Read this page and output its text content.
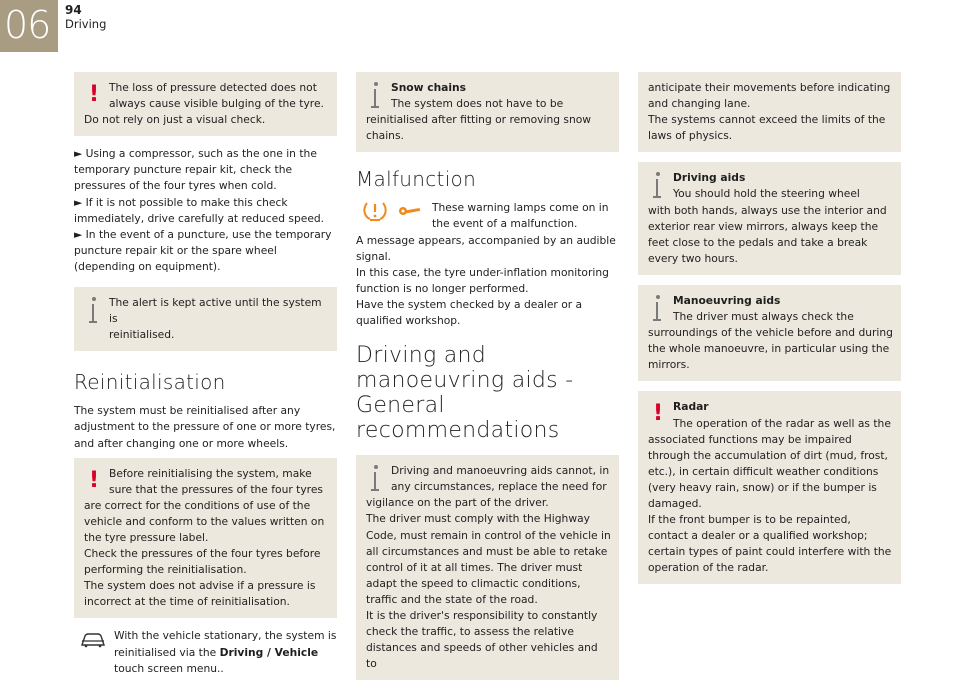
06 94
Driving
! The loss of pressure detected does not
always cause visible bulging of the tyre.
Do not rely on just a visual check.
► Using a compressor, such as the one in the temporary puncture repair kit, check the pressures of the four tyres when cold.
► If it is not possible to make this check immediately, drive carefully at reduced speed.
► In the event of a puncture, use the temporary puncture repair kit or the spare wheel (depending on equipment).
The alert is kept active until the system is
reinitialised.
Reinitialisation
The system must be reinitialised after any adjustment to the pressure of one or more tyres, and after changing one or more wheels.
! Before reinitialising the system, make
sure that the pressures of the four tyres
are correct for the conditions of use of the vehicle and conform to the values written on the tyre pressure label.
Check the pressures of the four tyres before performing the reinitialisation.
The system does not advise if a pressure is incorrect at the time of reinitialisation.
With the vehicle stationary, the system is reinitialised via the Driving / Vehicle touch screen menu..
Snow chains
The system does not have to be
reinitialised after fitting or removing snow chains.
Malfunction
These warning lamps come on in
the event of a malfunction.
A message appears, accompanied by an audible signal.
In this case, the tyre under-inflation monitoring function is no longer performed.
Have the system checked by a dealer or a qualified workshop.
Driving and manoeuvring aids - General recommendations
Driving and manoeuvring aids cannot, in
any circumstances, replace the need for
vigilance on the part of the driver.
The driver must comply with the Highway Code, must remain in control of the vehicle in all circumstances and must be able to retake control of it at all times. The driver must adapt the speed to climactic conditions, traffic and the state of the road.
It is the driver's responsibility to constantly check the traffic, to assess the relative distances and speeds of other vehicles and to
anticipate their movements before indicating and changing lane.
The systems cannot exceed the limits of the laws of physics.
Driving aids
You should hold the steering wheel
with both hands, always use the interior and exterior rear view mirrors, always keep the feet close to the pedals and take a break every two hours.
Manoeuvring aids
The driver must always check the
surroundings of the vehicle before and during the whole manoeuvre, in particular using the mirrors.
! Radar
The operation of the radar as well as the
associated functions may be impaired through the accumulation of dirt (mud, frost, etc.), in certain difficult weather conditions (very heavy rain, snow) or if the bumper is damaged.
If the front bumper is to be repainted, contact a dealer or a qualified workshop; certain types of paint could interfere with the operation of the radar.
